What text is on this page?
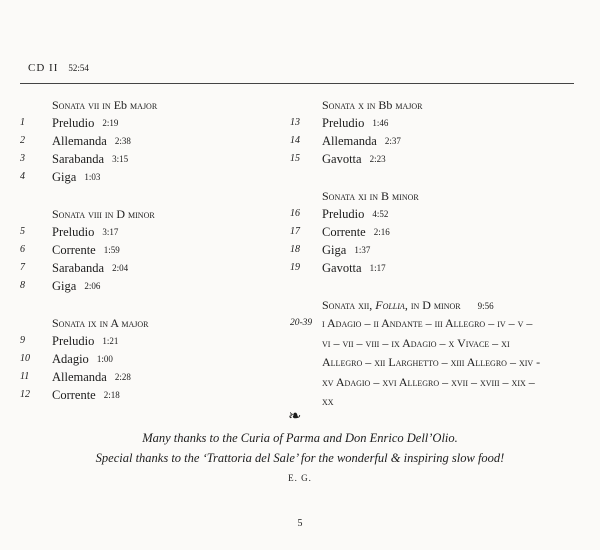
CD II 52:54
Sonata vii in Eb major
1	Preludio 2:19
2	Allemanda 2:38
3	Sarabanda 3:15
4	Giga 1:03
Sonata viii in D minor
5	Preludio 3:17
6	Corrente 1:59
7	Sarabanda 2:04
8	Giga 2:06
Sonata ix in A major
9	Preludio 1:21
10	Adagio 1:00
11	Allemanda 2:28
12	Corrente 2:18
Sonata x in Bb major
13	Preludio 1:46
14	Allemanda 2:37
15	Gavotta 2:23
Sonata xi in B minor
16	Preludio 4:52
17	Corrente 2:16
18	Giga 1:37
19	Gavotta 1:17
Sonata xii, Follia, in D minor 9:56
20-39 i Adagio – ii Andante – iii Allegro – iv – v – vi – vii – viii – ix Adagio – x Vivace – xi Allegro – xii Larghetto – xiii Allegro – xiv - xv Adagio – xvi Allegro – xvii – xviii – xix – xx
❧
Many thanks to the Curia of Parma and Don Enrico Dell’Olio.
Special thanks to the ‘Trattoria del Sale’ for the wonderful & inspiring slow food!
E. G.
5
